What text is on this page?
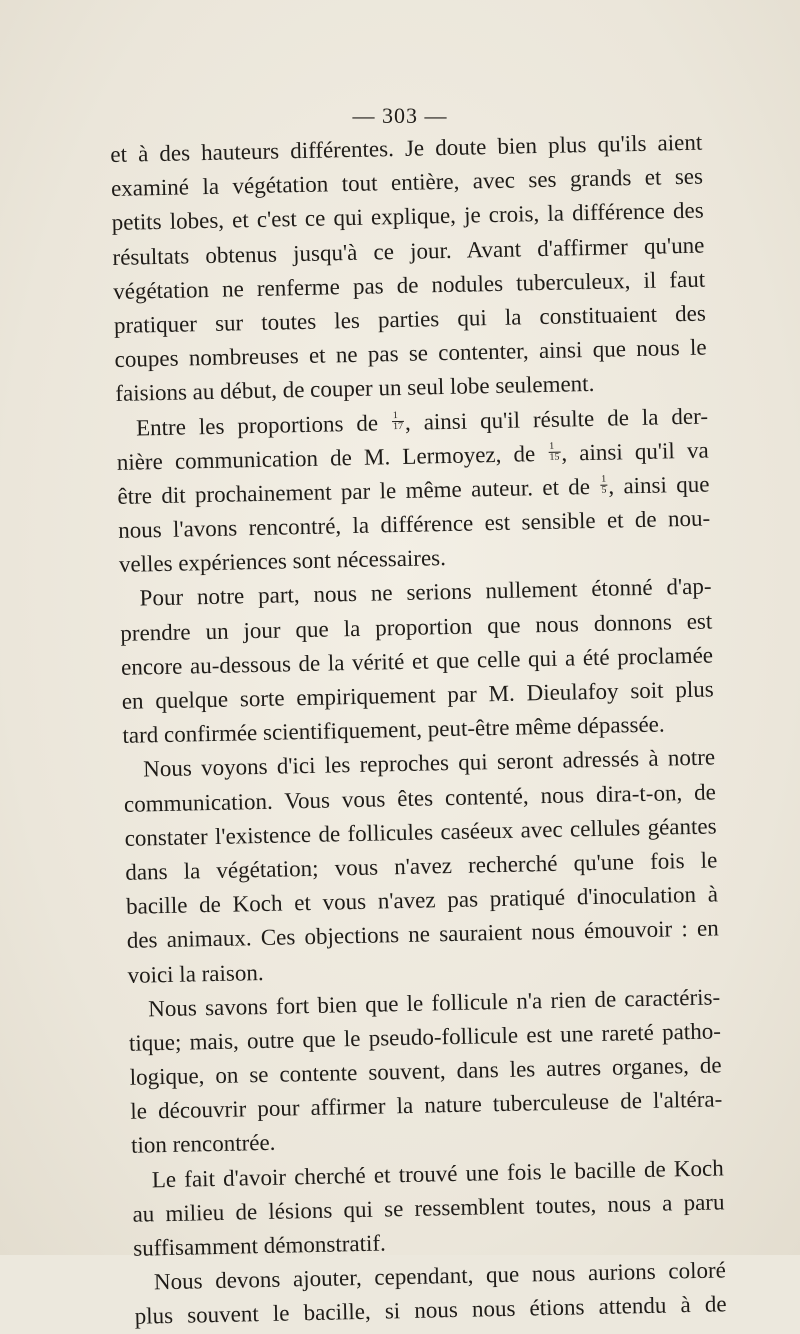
— 303 —
et à des hauteurs différentes. Je doute bien plus qu'ils aient
examiné la végétation tout entière, avec ses grands et ses
petits lobes, et c'est ce qui explique, je crois, la différence des
résultats obtenus jusqu'à ce jour. Avant d'affirmer qu'une
végétation ne renferme pas de nodules tuberculeux, il faut
pratiquer sur toutes les parties qui la constituaient des
coupes nombreuses et ne pas se contenter, ainsi que nous le
faisions au début, de couper un seul lobe seulement.
Entre les proportions de $\frac{1}{17}$ , ainsi qu'il résulte de la der-
nière communication de M. Lermoyez, de $\frac{1}{15}$ , ainsi qu'il va
être dit prochainement par le même auteur. et de $\frac{1}{5}$ , ainsi que
nous l'avons rencontré, la différence est sensible et de nou-
velles expériences sont nécessaires.
Pour notre part, nous ne serions nullement étonné d'ap-
prendre un jour que la proportion que nous donnons est
encore au-dessous de la vérité et que celle qui a été proclamée
en quelque sorte empiriquement par M. Dieulafoy soit plus
tard confirmée scientifiquement, peut-être même dépassée.
Nous voyons d'ici les reproches qui seront adressés à notre
communication. Vous vous êtes contenté, nous dira-t-on, de
constater l'existence de follicules caséeux avec cellules géantes
dans la végétation; vous n'avez recherché qu'une fois le
bacille de Koch et vous n'avez pas pratiqué d'inoculation à
des animaux. Ces objections ne sauraient nous émouvoir : en
voici la raison.
Nous savons fort bien que le follicule n'a rien de caractéris-
tique; mais, outre que le pseudo-follicule est une rareté patho-
logique, on se contente souvent, dans les autres organes, de
le découvrir pour affirmer la nature tuberculeuse de l'altéra-
tion rencontrée.
Le fait d'avoir cherché et trouvé une fois le bacille de Koch
au milieu de lésions qui se ressemblent toutes, nous a paru
suffisamment démonstratif.
Nous devons ajouter, cependant, que nous aurions coloré
plus souvent le bacille, si nous nous étions attendu à de
